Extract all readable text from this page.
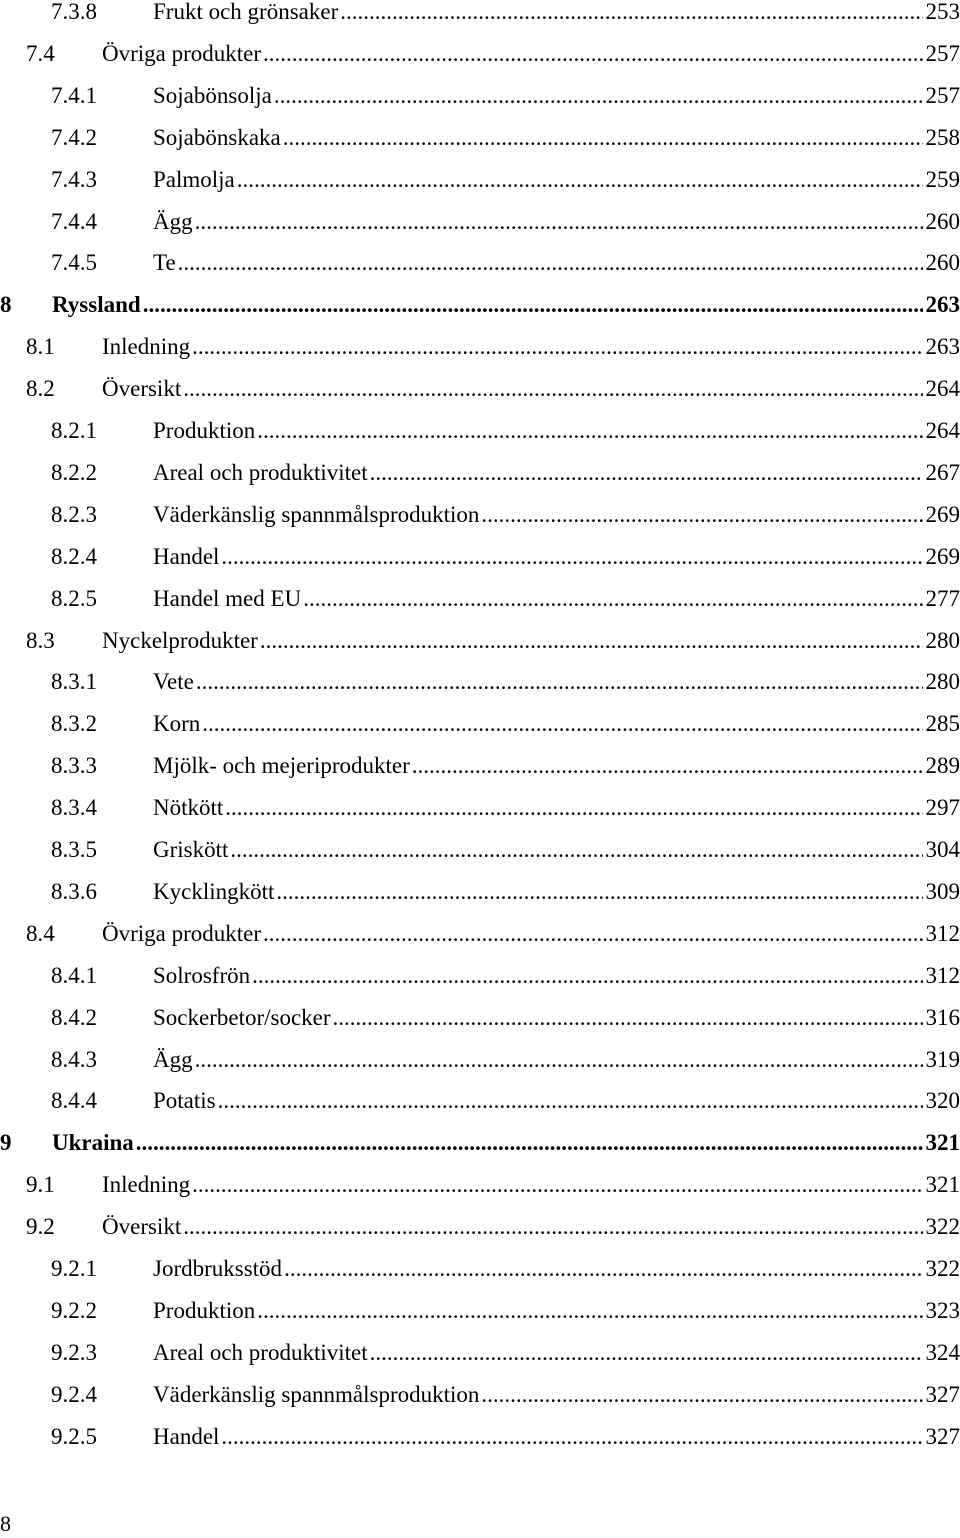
7.3.8 Frukt och grönsaker .....	253
7.4 Övriga produkter .....	257
7.4.1 Sojabönsolja .....	257
7.4.2 Sojabönskaka .....	258
7.4.3 Palmolja .....	259
7.4.4 Ägg .....	260
7.4.5 Te .....	260
8 Ryssland .....	263
8.1 Inledning .....	263
8.2 Översikt .....	264
8.2.1 Produktion .....	264
8.2.2 Areal och produktivitet .....	267
8.2.3 Väderkänslig spannmålsproduktion .....	269
8.2.4 Handel .....	269
8.2.5 Handel med EU .....	277
8.3 Nyckelprodukter .....	280
8.3.1 Vete .....	280
8.3.2 Korn .....	285
8.3.3 Mjölk- och mejeriprodukter .....	289
8.3.4 Nötkött .....	297
8.3.5 Griskött .....	304
8.3.6 Kycklingkött .....	309
8.4 Övriga produkter .....	312
8.4.1 Solrosfrön .....	312
8.4.2 Sockerbetor/socker .....	316
8.4.3 Ägg .....	319
8.4.4 Potatis .....	320
9 Ukraina .....	321
9.1 Inledning .....	321
9.2 Översikt .....	322
9.2.1 Jordbruksstöd .....	322
9.2.2 Produktion .....	323
9.2.3 Areal och produktivitet .....	324
9.2.4 Väderkänslig spannmålsproduktion .....	327
9.2.5 Handel .....	327
8
